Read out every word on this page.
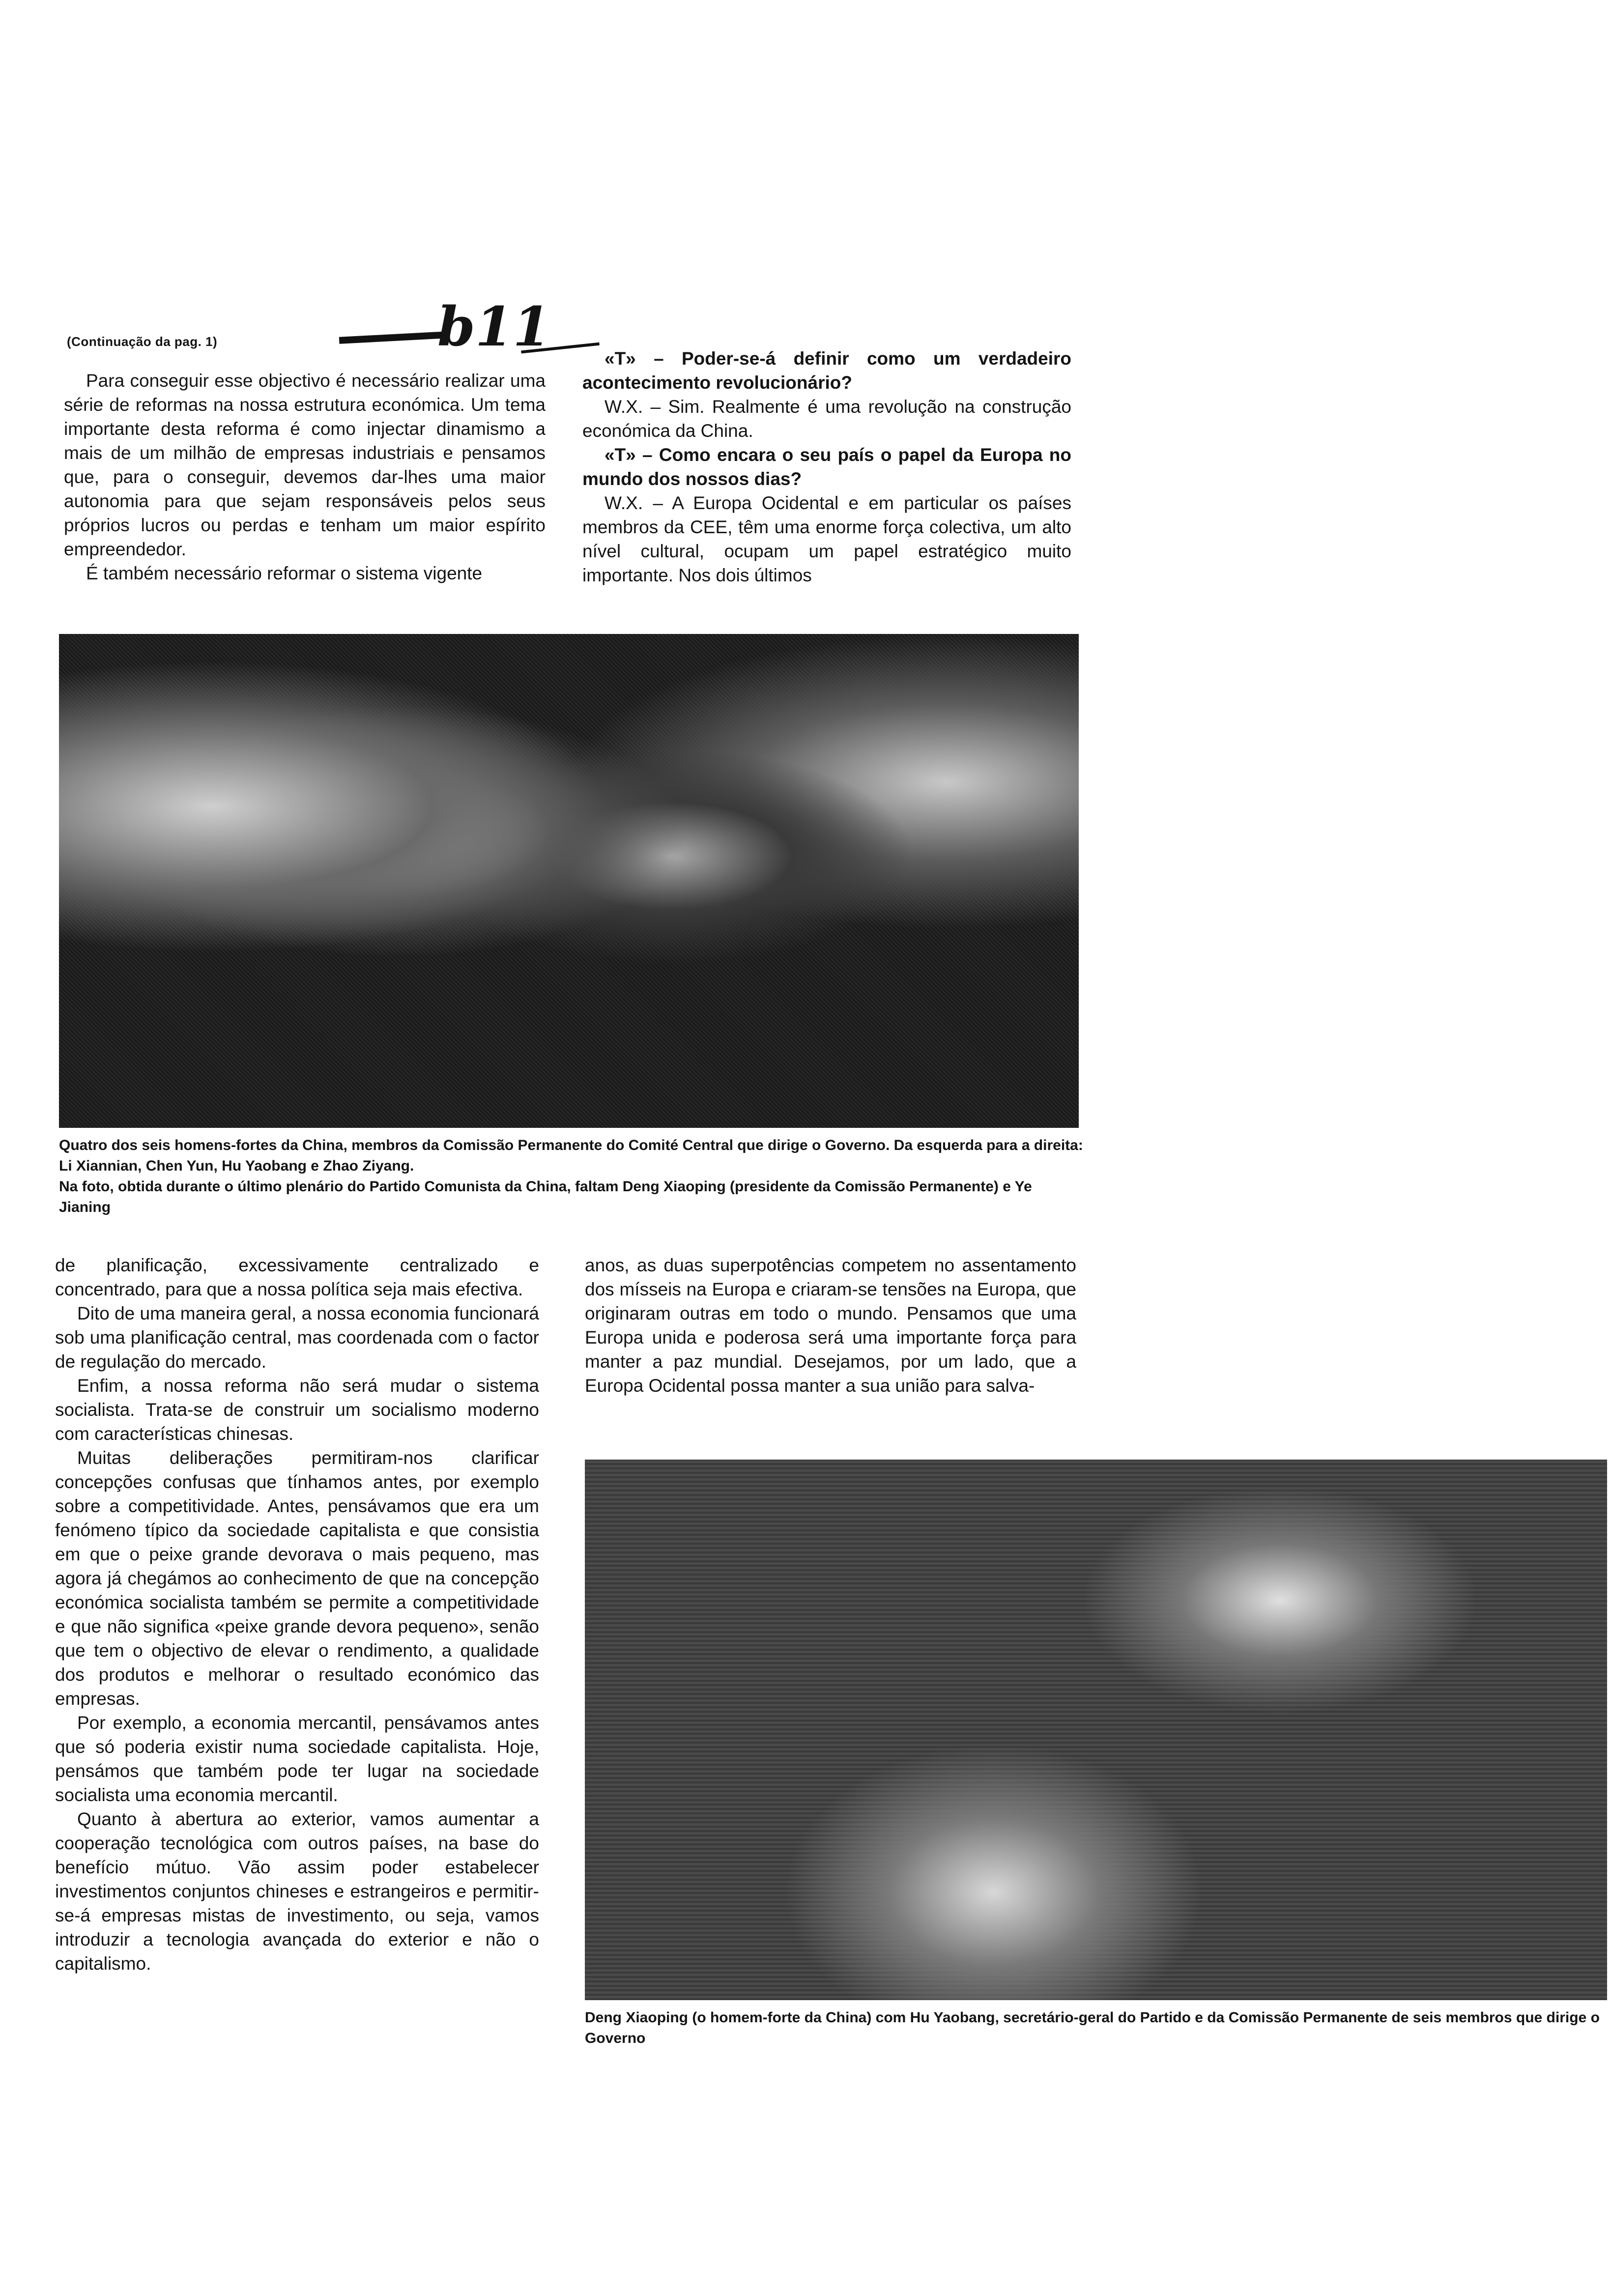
(Continuação da pag. 1)	b11

Para conseguir esse objectivo é necessário realizar uma série de reformas na nossa estrutura económica. Um tema importante desta reforma é como injectar dinamismo a mais de um milhão de empresas industriais e pensamos que, para o conseguir, devemos dar-lhes uma maior autonomia para que sejam responsáveis pelos seus próprios lucros ou perdas e tenham um maior espírito empreendedor.

É também necessário reformar o sistema vigente

«T» – Poder-se-á definir como um verdadeiro acontecimento revolucionário?

W.X. – Sim. Realmente é uma revolução na construção económica da China.

«T» – Como encara o seu país o papel da Europa no mundo dos nossos dias?

W.X. – A Europa Ocidental e em particular os países membros da CEE, têm uma enorme força colectiva, um alto nível cultural, ocupam um papel estratégico muito importante. Nos dois últimos

Quatro dos seis homens-fortes da China, membros da Comissão Permanente do Comité Central que dirige o Governo. Da esquerda para a direita: Li Xiannian, Chen Yun, Hu Yaobang e Zhao Ziyang.

Na foto, obtida durante o último plenário do Partido Comunista da China, faltam Deng Xiaoping (presidente da Comissão Permanente) e Ye Jianing

de planificação, excessivamente centralizado e concentrado, para que a nossa política seja mais efectiva.

Dito de uma maneira geral, a nossa economia funcionará sob uma planificação central, mas coordenada com o factor de regulação do mercado.

Enfim, a nossa reforma não será mudar o sistema socialista. Trata-se de construir um socialismo moderno com características chinesas.

Muitas deliberações permitiram-nos clarificar concepções confusas que tínhamos antes, por exemplo sobre a competitividade. Antes, pensávamos que era um fenómeno típico da sociedade capitalista e que consistia em que o peixe grande devorava o mais pequeno, mas agora já chegámos ao conhecimento de que na concepção económica socialista também se permite a competitividade e que não significa «peixe grande devora pequeno», senão que tem o objectivo de elevar o rendimento, a qualidade dos produtos e melhorar o resultado económico das empresas.

Por exemplo, a economia mercantil, pensávamos antes que só poderia existir numa sociedade capitalista. Hoje, pensámos que também pode ter lugar na sociedade socialista uma economia mercantil.

Quanto à abertura ao exterior, vamos aumentar a cooperação tecnológica com outros países, na base do benefício mútuo. Vão assim poder estabelecer investimentos conjuntos chineses e estrangeiros e permitir-se-á empresas mistas de investimento, ou seja, vamos introduzir a tecnologia avançada do exterior e não o capitalismo.

anos, as duas superpotências competem no assentamento dos mísseis na Europa e criaram-se tensões na Europa, que originaram outras em todo o mundo. Pensamos que uma Europa unida e poderosa será uma importante força para manter a paz mundial. Desejamos, por um lado, que a Europa Ocidental possa manter a sua união para salva-

Deng Xiaoping (o homem-forte da China) com Hu Yaobang, secretário-geral do Partido e da Comissão Permanente de seis membros que dirige o Governo
